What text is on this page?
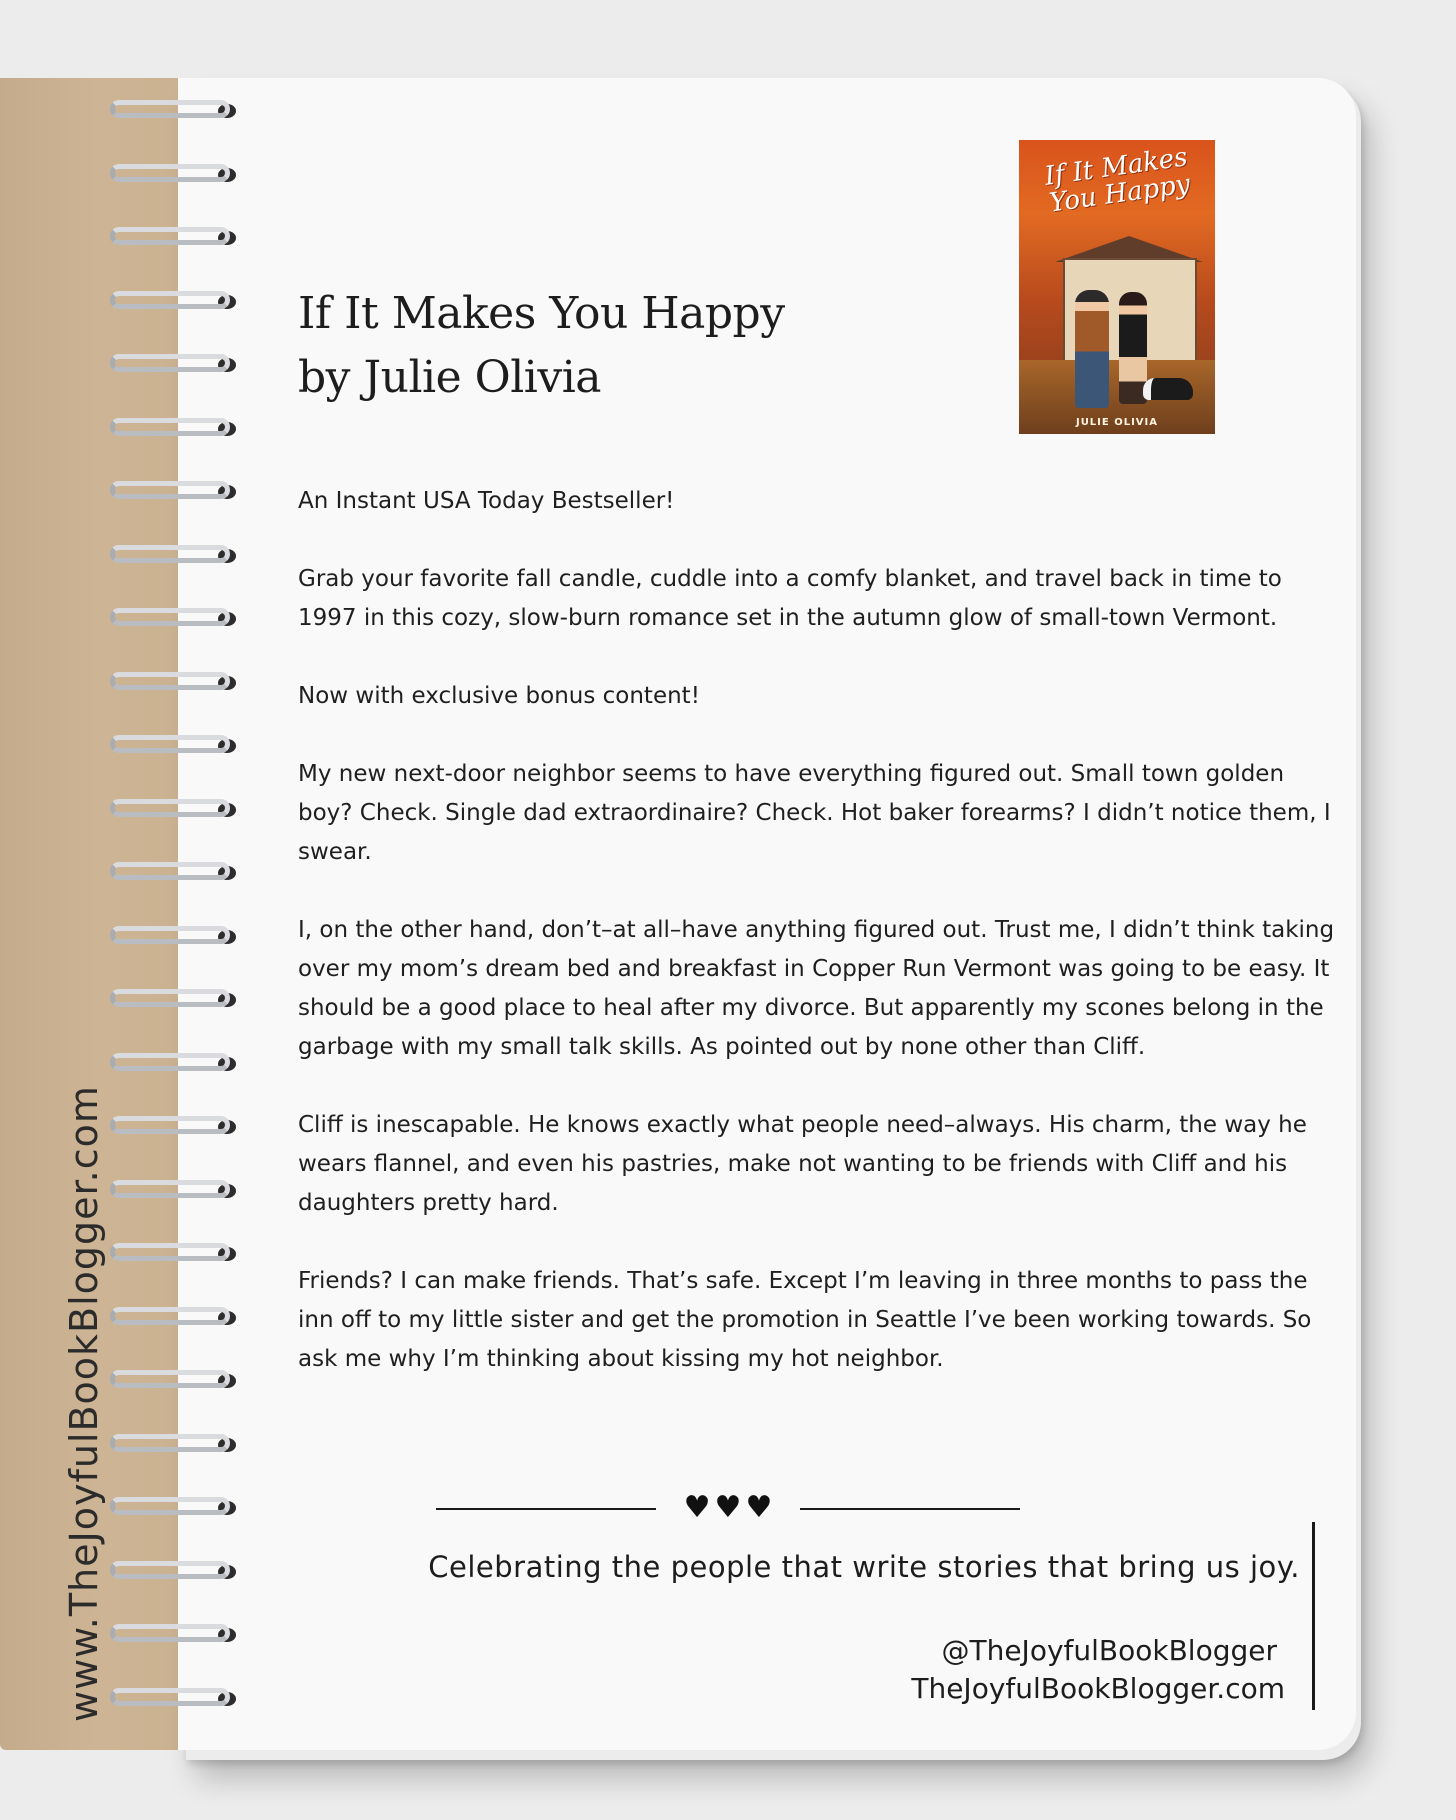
www.TheJoyfulBookBlogger.com
If It Makes You Happy
by Julie Olivia
If It Makes You Happy
JULIE OLIVIA

An Instant USA Today Bestseller!

Grab your favorite fall candle, cuddle into a comfy blanket, and travel back in time to 1997 in this cozy, slow-burn romance set in the autumn glow of small-town Vermont.

Now with exclusive bonus content!

My new next-door neighbor seems to have everything figured out. Small town golden boy? Check. Single dad extraordinaire? Check. Hot baker forearms? I didn’t notice them, I swear.

I, on the other hand, don’t–at all–have anything figured out. Trust me, I didn’t think taking over my mom’s dream bed and breakfast in Copper Run Vermont was going to be easy. It should be a good place to heal after my divorce. But apparently my scones belong in the garbage with my small talk skills. As pointed out by none other than Cliff.

Cliff is inescapable. He knows exactly what people need–always. His charm, the way he wears flannel, and even his pastries, make not wanting to be friends with Cliff and his daughters pretty hard.

Friends? I can make friends. That’s safe. Except I’m leaving in three months to pass the inn off to my little sister and get the promotion in Seattle I’ve been working towards. So ask me why I’m thinking about kissing my hot neighbor.

♥♥♥
Celebrating the people that write stories that bring us joy.
@TheJoyfulBookBlogger
TheJoyfulBookBlogger.com
